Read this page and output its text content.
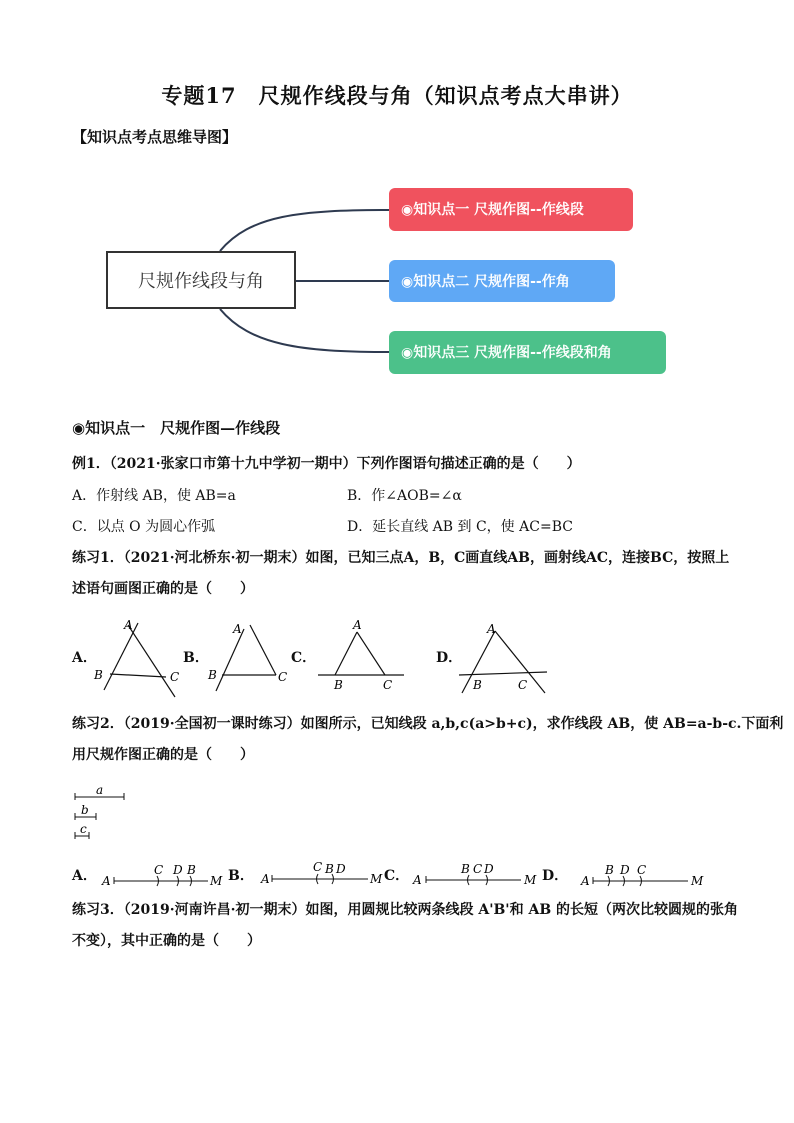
专题17　尺规作线段与角（知识点考点大串讲）
【知识点考点思维导图】
尺规作线段与角
◉知识点一 尺规作图--作线段
◉知识点二 尺规作图--作角
◉知识点三 尺规作图--作线段和角
◉知识点一　尺规作图—作线段
例1．（2021·张家口市第十九中学初一期中）下列作图语句描述正确的是（　　）
A．作射线 AB，使 AB=a	B．作∠AOB=∠α
C．以点 O 为圆心作弧	D．延长直线 AB 到 C，使 AC=BC
练习1．（2021·河北桥东·初一期末）如图，已知三点A，B，C画直线AB，画射线AC，连接BC，按照上
述语句画图正确的是（　　）
A．	B．	C．	D．
A
B	C
A
B	C
A
B	C
A
B	C
练习2．（2019·全国初一课时练习）如图所示，已知线段 a,b,c(a>b+c)，求作线段 AB，使 AB=a-b-c.下面利
用尺规作图正确的是（　　）
a
b
c
A．	B．	C．	D．
A
C D B
M	A
C B D
M	A
B C D
M	A
B D C
M
练习3．（2019·河南许昌·初一期末）如图，用圆规比较两条线段 A'B'和 AB 的长短（两次比较圆规的张角
不变），其中正确的是（　　）
